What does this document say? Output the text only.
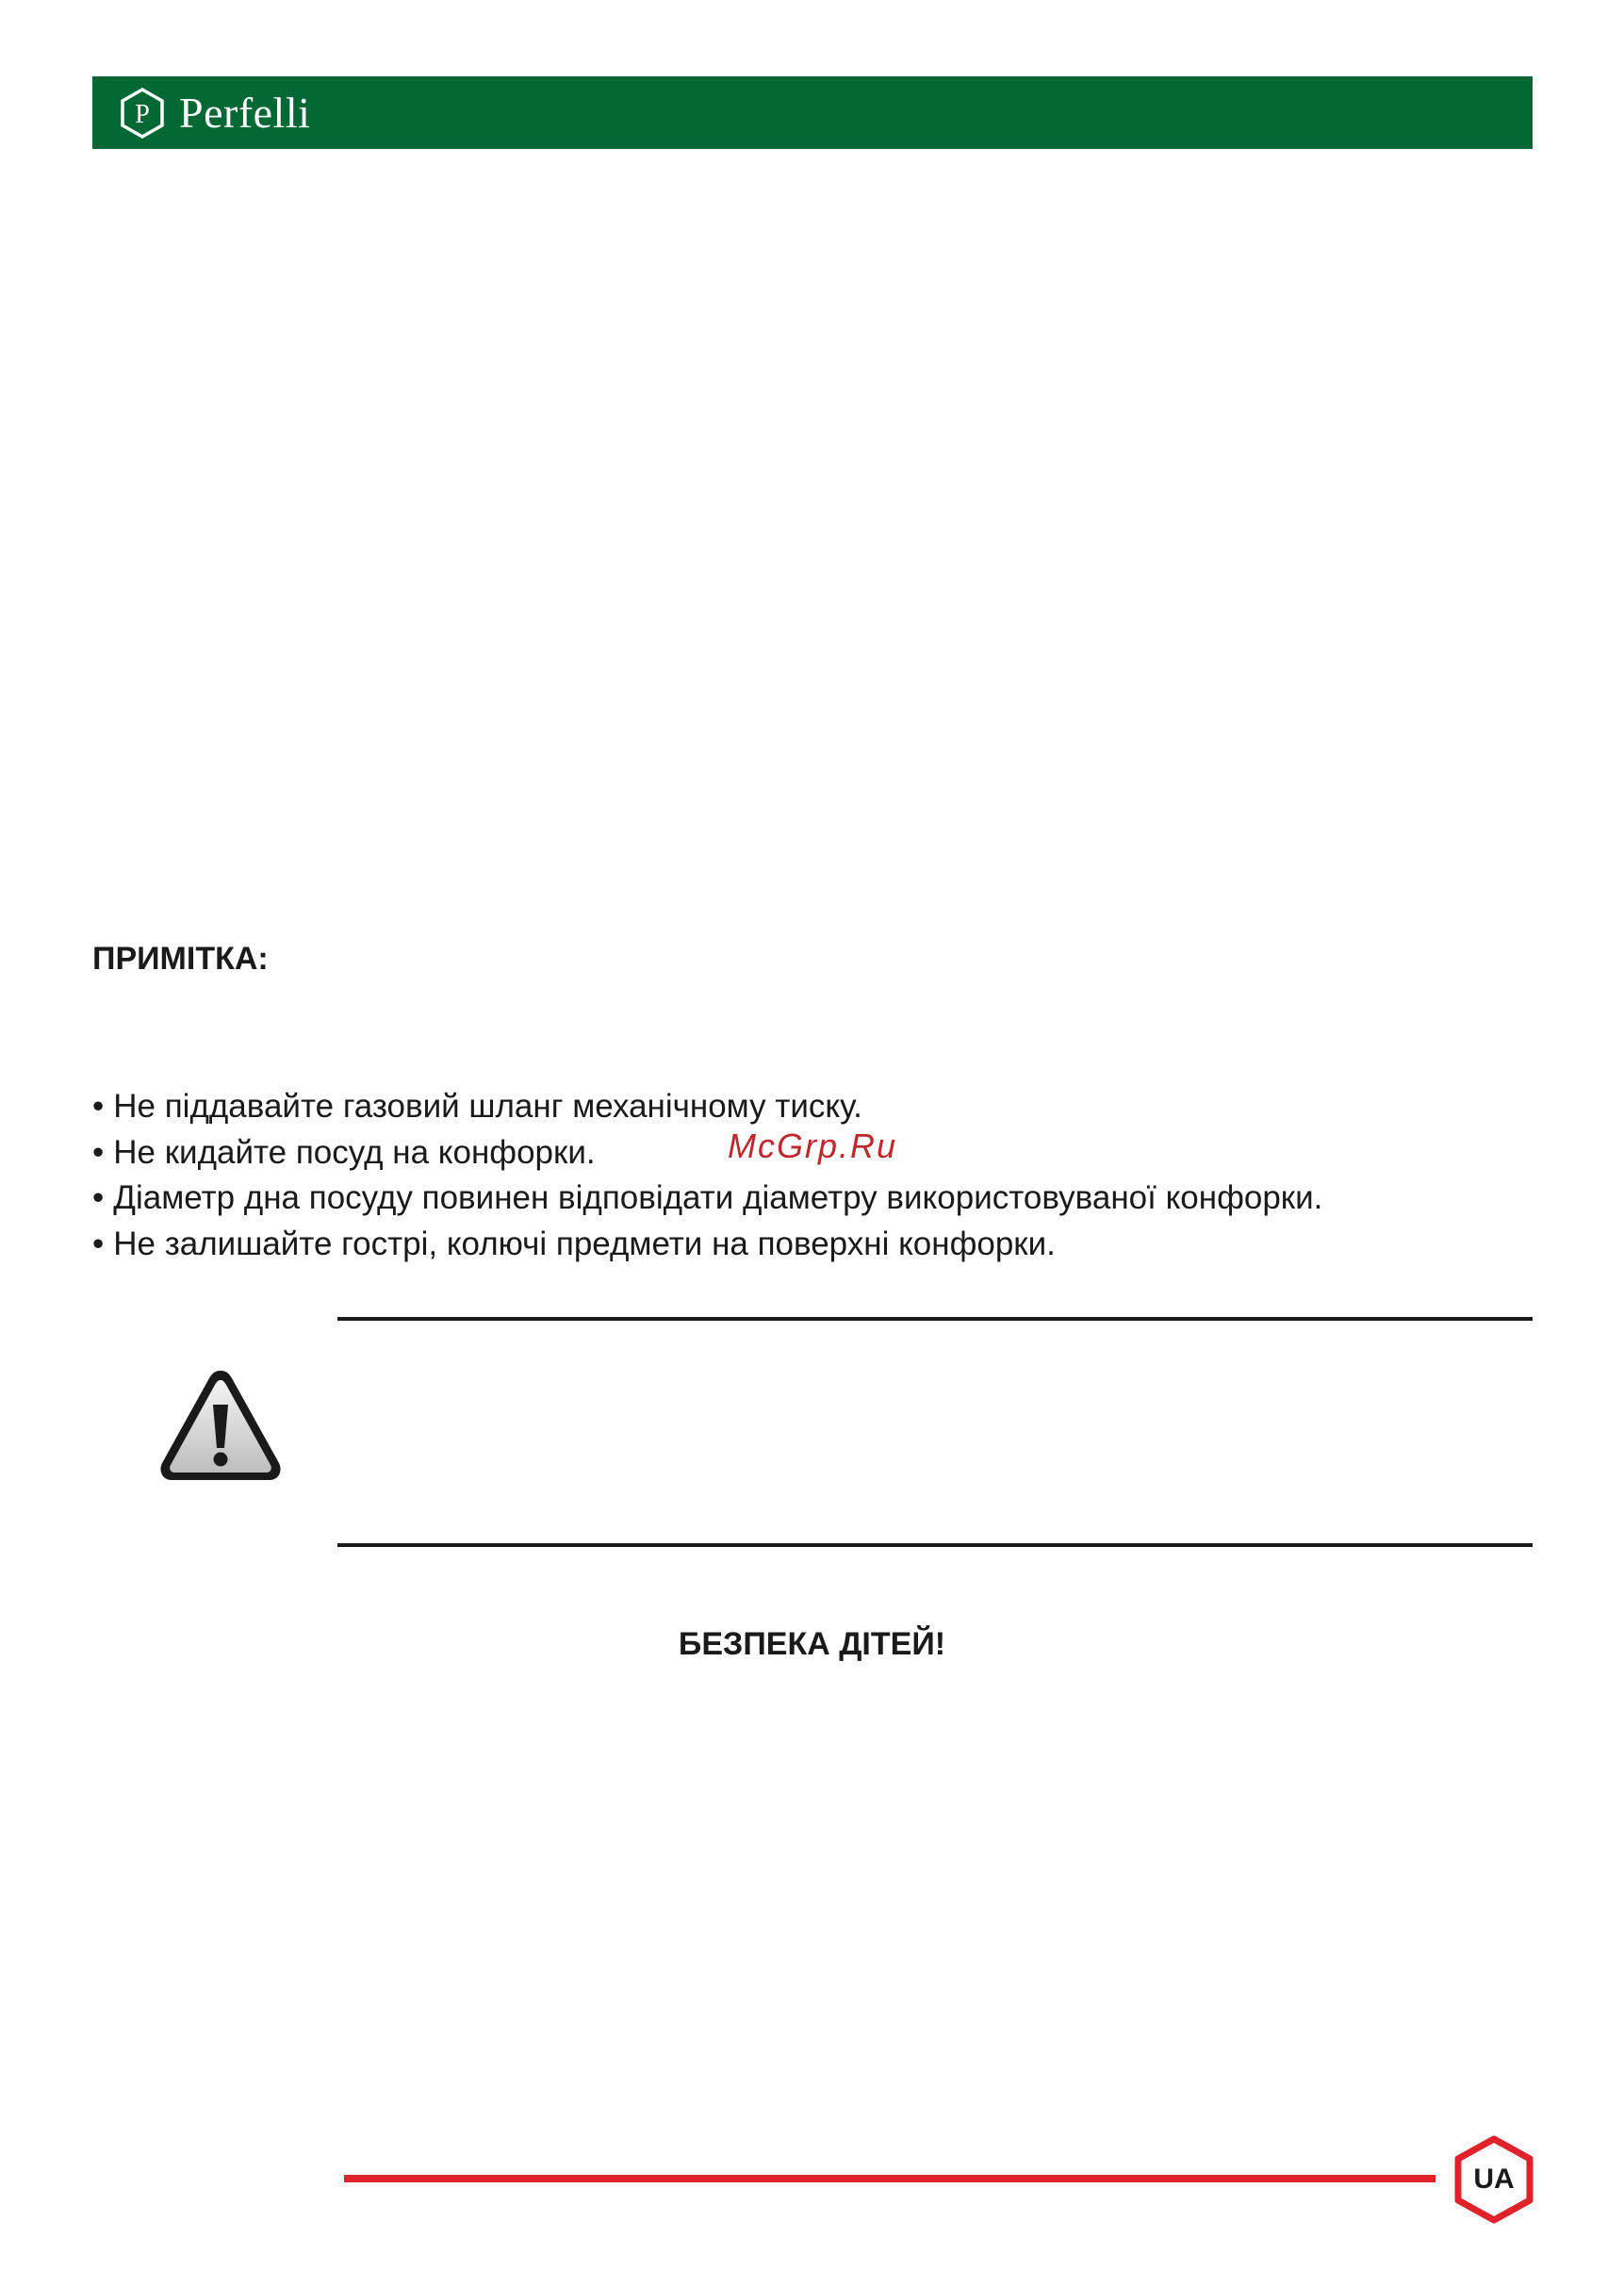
P Perfelli
ПРИМІТКА:
• Не піддавайте газовий шланг механічному тиску.
• Не кидайте посуд на конфорки.
• Діаметр дна посуду повинен відповідати діаметру використовуваної конфорки.
• Не залишайте гострі, колючі предмети на поверхні конфорки.
McGrp.Ru
БЕЗПЕКА ДІТЕЙ!
UA
